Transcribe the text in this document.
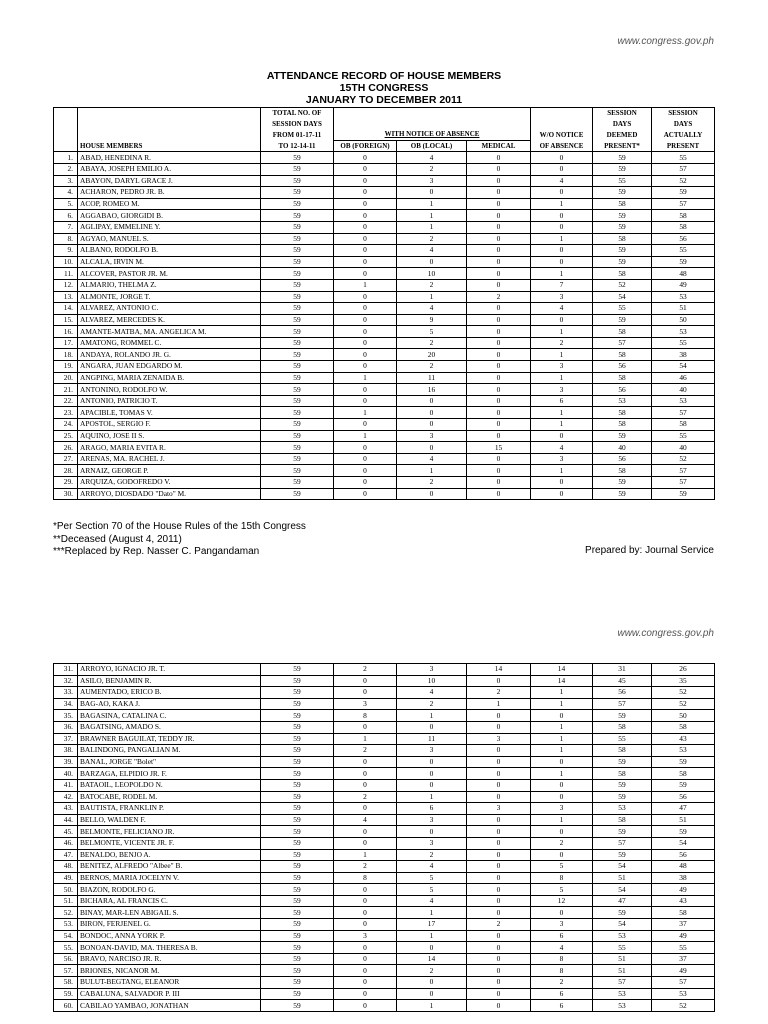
www.congress.gov.ph
ATTENDANCE RECORD OF HOUSE MEMBERS
15TH CONGRESS
JANUARY TO DECEMBER 2011
		TOTAL NO. OF					SESSION	SESSION
		SESSION DAYS					DAYS	DAYS
		FROM 01-17-11	WITH NOTICE OF ABSENCE			W/O NOTICE	DEEMED	ACTUALLY
	HOUSE MEMBERS	TO 12-14-11	OB (FOREIGN)	OB (LOCAL)	MEDICAL	OF ABSENCE	PRESENT*	PRESENT
1.	ABAD, HENEDINA R.	59	0	4	0	0	59	55
2.	ABAYA, JOSEPH EMILIO A.	59	0	2	0	0	59	57
3.	ABAYON, DARYL GRACE J.	59	0	3	0	4	55	52
4.	ACHARON, PEDRO JR. B.	59	0	0	0	0	59	59
5.	ACOP, ROMEO M.	59	0	1	0	1	58	57
6.	AGGABAO, GIORGIDI B.	59	0	1	0	0	59	58
7.	AGLIPAY, EMMELINE Y.	59	0	1	0	0	59	58
8.	AGYAO, MANUEL S.	59	0	2	0	1	58	56
9.	ALBANO, RODOLFO B.	59	0	4	0	0	59	55
10.	ALCALA, IRVIN M.	59	0	0	0	0	59	59
11.	ALCOVER, PASTOR JR. M.	59	0	10	0	1	58	48
12.	ALMARIO, THELMA Z.	59	1	2	0	7	52	49
13.	ALMONTE, JORGE T.	59	0	1	2	3	54	53
14.	ALVAREZ, ANTONIO C.	59	0	4	0	4	55	51
15.	ALVAREZ, MERCEDES K.	59	0	9	0	0	59	50
16.	AMANTE-MATBA, MA. ANGELICA M.	59	0	5	0	1	58	53
17.	AMATONG, ROMMEL C.	59	0	2	0	2	57	55
18.	ANDAYA, ROLANDO JR. G.	59	0	20	0	1	58	38
19.	ANGARA, JUAN EDGARDO M.	59	0	2	0	3	56	54
20.	ANGPING, MARIA ZENAIDA B.	59	1	11	0	1	58	46
21.	ANTONINO, RODOLFO W.	59	0	16	0	3	56	40
22.	ANTONIO, PATRICIO T.	59	0	0	0	6	53	53
23.	APACIBLE, TOMAS V.	59	1	0	0	1	58	57
24.	APOSTOL, SERGIO F.	59	0	0	0	1	58	58
25.	AQUINO, JOSE II S.	59	1	3	0	0	59	55
26.	ARAGO, MARIA EVITA R.	59	0	0	15	4	40	40
27.	ARENAS, MA. RACHEL J.	59	0	4	0	3	56	52
28.	ARNAIZ, GEORGE P.	59	0	1	0	1	58	57
29.	ARQUIZA, GODOFREDO V.	59	0	2	0	0	59	57
30.	ARROYO, DIOSDADO "Dato" M.	59	0	0	0	0	59	59
*Per Section 70 of the House Rules of the 15th Congress
**Deceased (August 4, 2011)
***Replaced by Rep. Nasser C. Pangandaman	Prepared by: Journal Service
www.congress.gov.ph
31.	ARROYO, IGNACIO JR. T.	59	2	3	14	14	31	26
32.	ASILO, BENJAMIN R.	59	0	10	0	14	45	35
33.	AUMENTADO, ERICO B.	59	0	4	2	1	56	52
34.	BAG-AO, KAKA J.	59	3	2	1	1	57	52
35.	BAGASINA, CATALINA C.	59	8	1	0	0	59	50
36.	BAGATSING, AMADO S.	59	0	0	0	1	58	58
37.	BRAWNER BAGUILAT, TEDDY JR.	59	1	11	3	1	55	43
38.	BALINDONG, PANGALIAN M.	59	2	3	0	1	58	53
39.	BANAL, JORGE "Bolet"	59	0	0	0	0	59	59
40.	BARZAGA, ELPIDIO JR. F.	59	0	0	0	1	58	58
41.	BATAOIL, LEOPOLDO N.	59	0	0	0	0	59	59
42.	BATOCABE, RODEL M.	59	2	1	0	0	59	56
43.	BAUTISTA, FRANKLIN P.	59	0	6	3	3	53	47
44.	BELLO, WALDEN F.	59	4	3	0	1	58	51
45.	BELMONTE, FELICIANO JR.	59	0	0	0	0	59	59
46.	BELMONTE, VICENTE JR. F.	59	0	3	0	2	57	54
47.	BENALDO, BENJO A.	59	1	2	0	0	59	56
48.	BENITEZ, ALFREDO "Albee" B.	59	2	4	0	5	54	48
49.	BERNOS, MARIA JOCELYN V.	59	8	5	0	8	51	38
50.	BIAZON, RODOLFO G.	59	0	5	0	5	54	49
51.	BICHARA, AL FRANCIS C.	59	0	4	0	12	47	43
52.	BINAY, MAR-LEN ABIGAIL S.	59	0	1	0	0	59	58
53.	BIRON, FERJENEL G.	59	0	17	2	3	54	37
54.	BONDOC, ANNA YORK P.	59	3	1	0	6	53	49
55.	BONOAN-DAVID, MA. THERESA B.	59	0	0	0	4	55	55
56.	BRAVO, NARCISO JR. R.	59	0	14	0	8	51	37
57.	BRIONES, NICANOR M.	59	0	2	0	8	51	49
58.	BULUT-BEGTANG, ELEANOR	59	0	0	0	2	57	57
59.	CABALUNA, SALVADOR P. III	59	0	0	0	6	53	53
60.	CABILAO YAMBAO, JONATHAN	59	0	1	0	6	53	52
